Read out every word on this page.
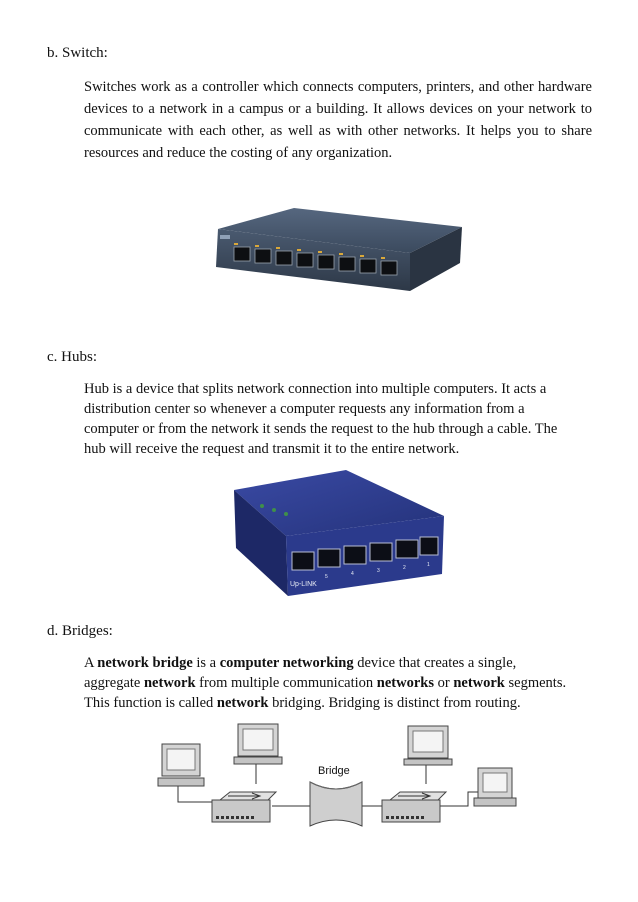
b. Switch:
Switches work as a controller which connects computers, printers, and other hardware devices to a network in a campus or a building. It allows devices on your network to communicate with each other, as well as with other networks. It helps you to share resources and reduce the costing of any organization.
c. Hubs:

Hub is a device that splits network connection into multiple computers. It acts a

distribution center so whenever a computer requests any information from a

computer or from the network it sends the request to the hub through a cable. The

hub will receive the request and transmit it to the entire network.

Up-LINK
5	4	3	2	1
d. Bridges:

A network bridge is a computer networking device that creates a single,

aggregate network from multiple communication networks or network segments.

This function is called network bridging. Bridging is distinct from routing.

Bridge
